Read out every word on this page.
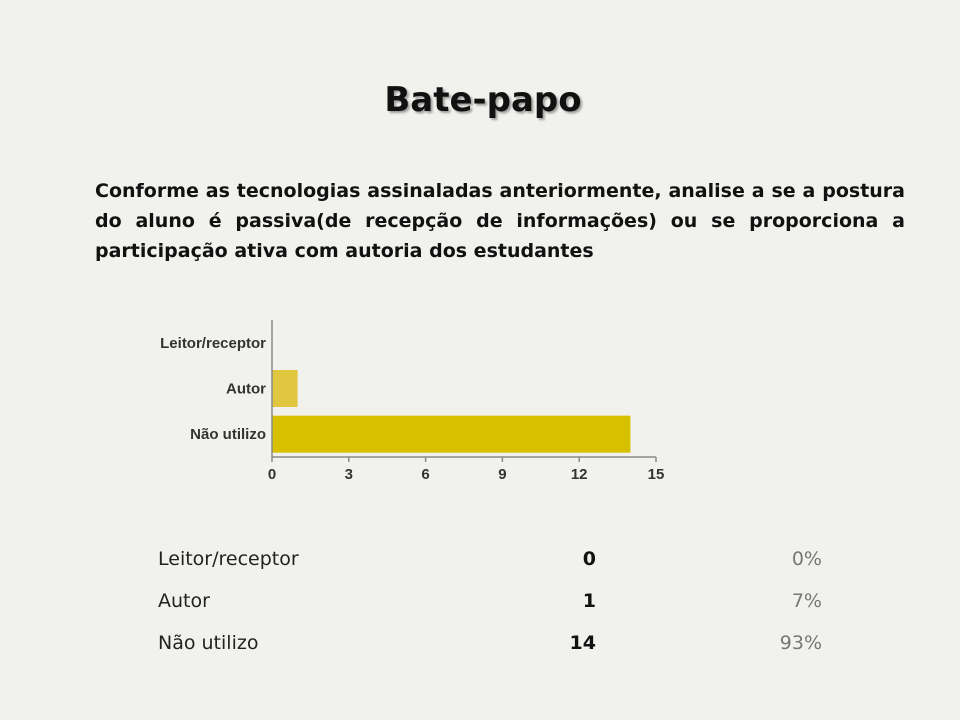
Bate-papo
Conforme as tecnologias assinaladas anteriormente, analise a se a postura do aluno é passiva(de recepção de informações) ou se proporciona a participação ativa com autoria dos estudantes
Leitor/receptor
Autor
Não utilizo
0	3	6	9	12	15
Leitor/receptor	0	0%
Autor	1	7%
Não utilizo	14	93%
